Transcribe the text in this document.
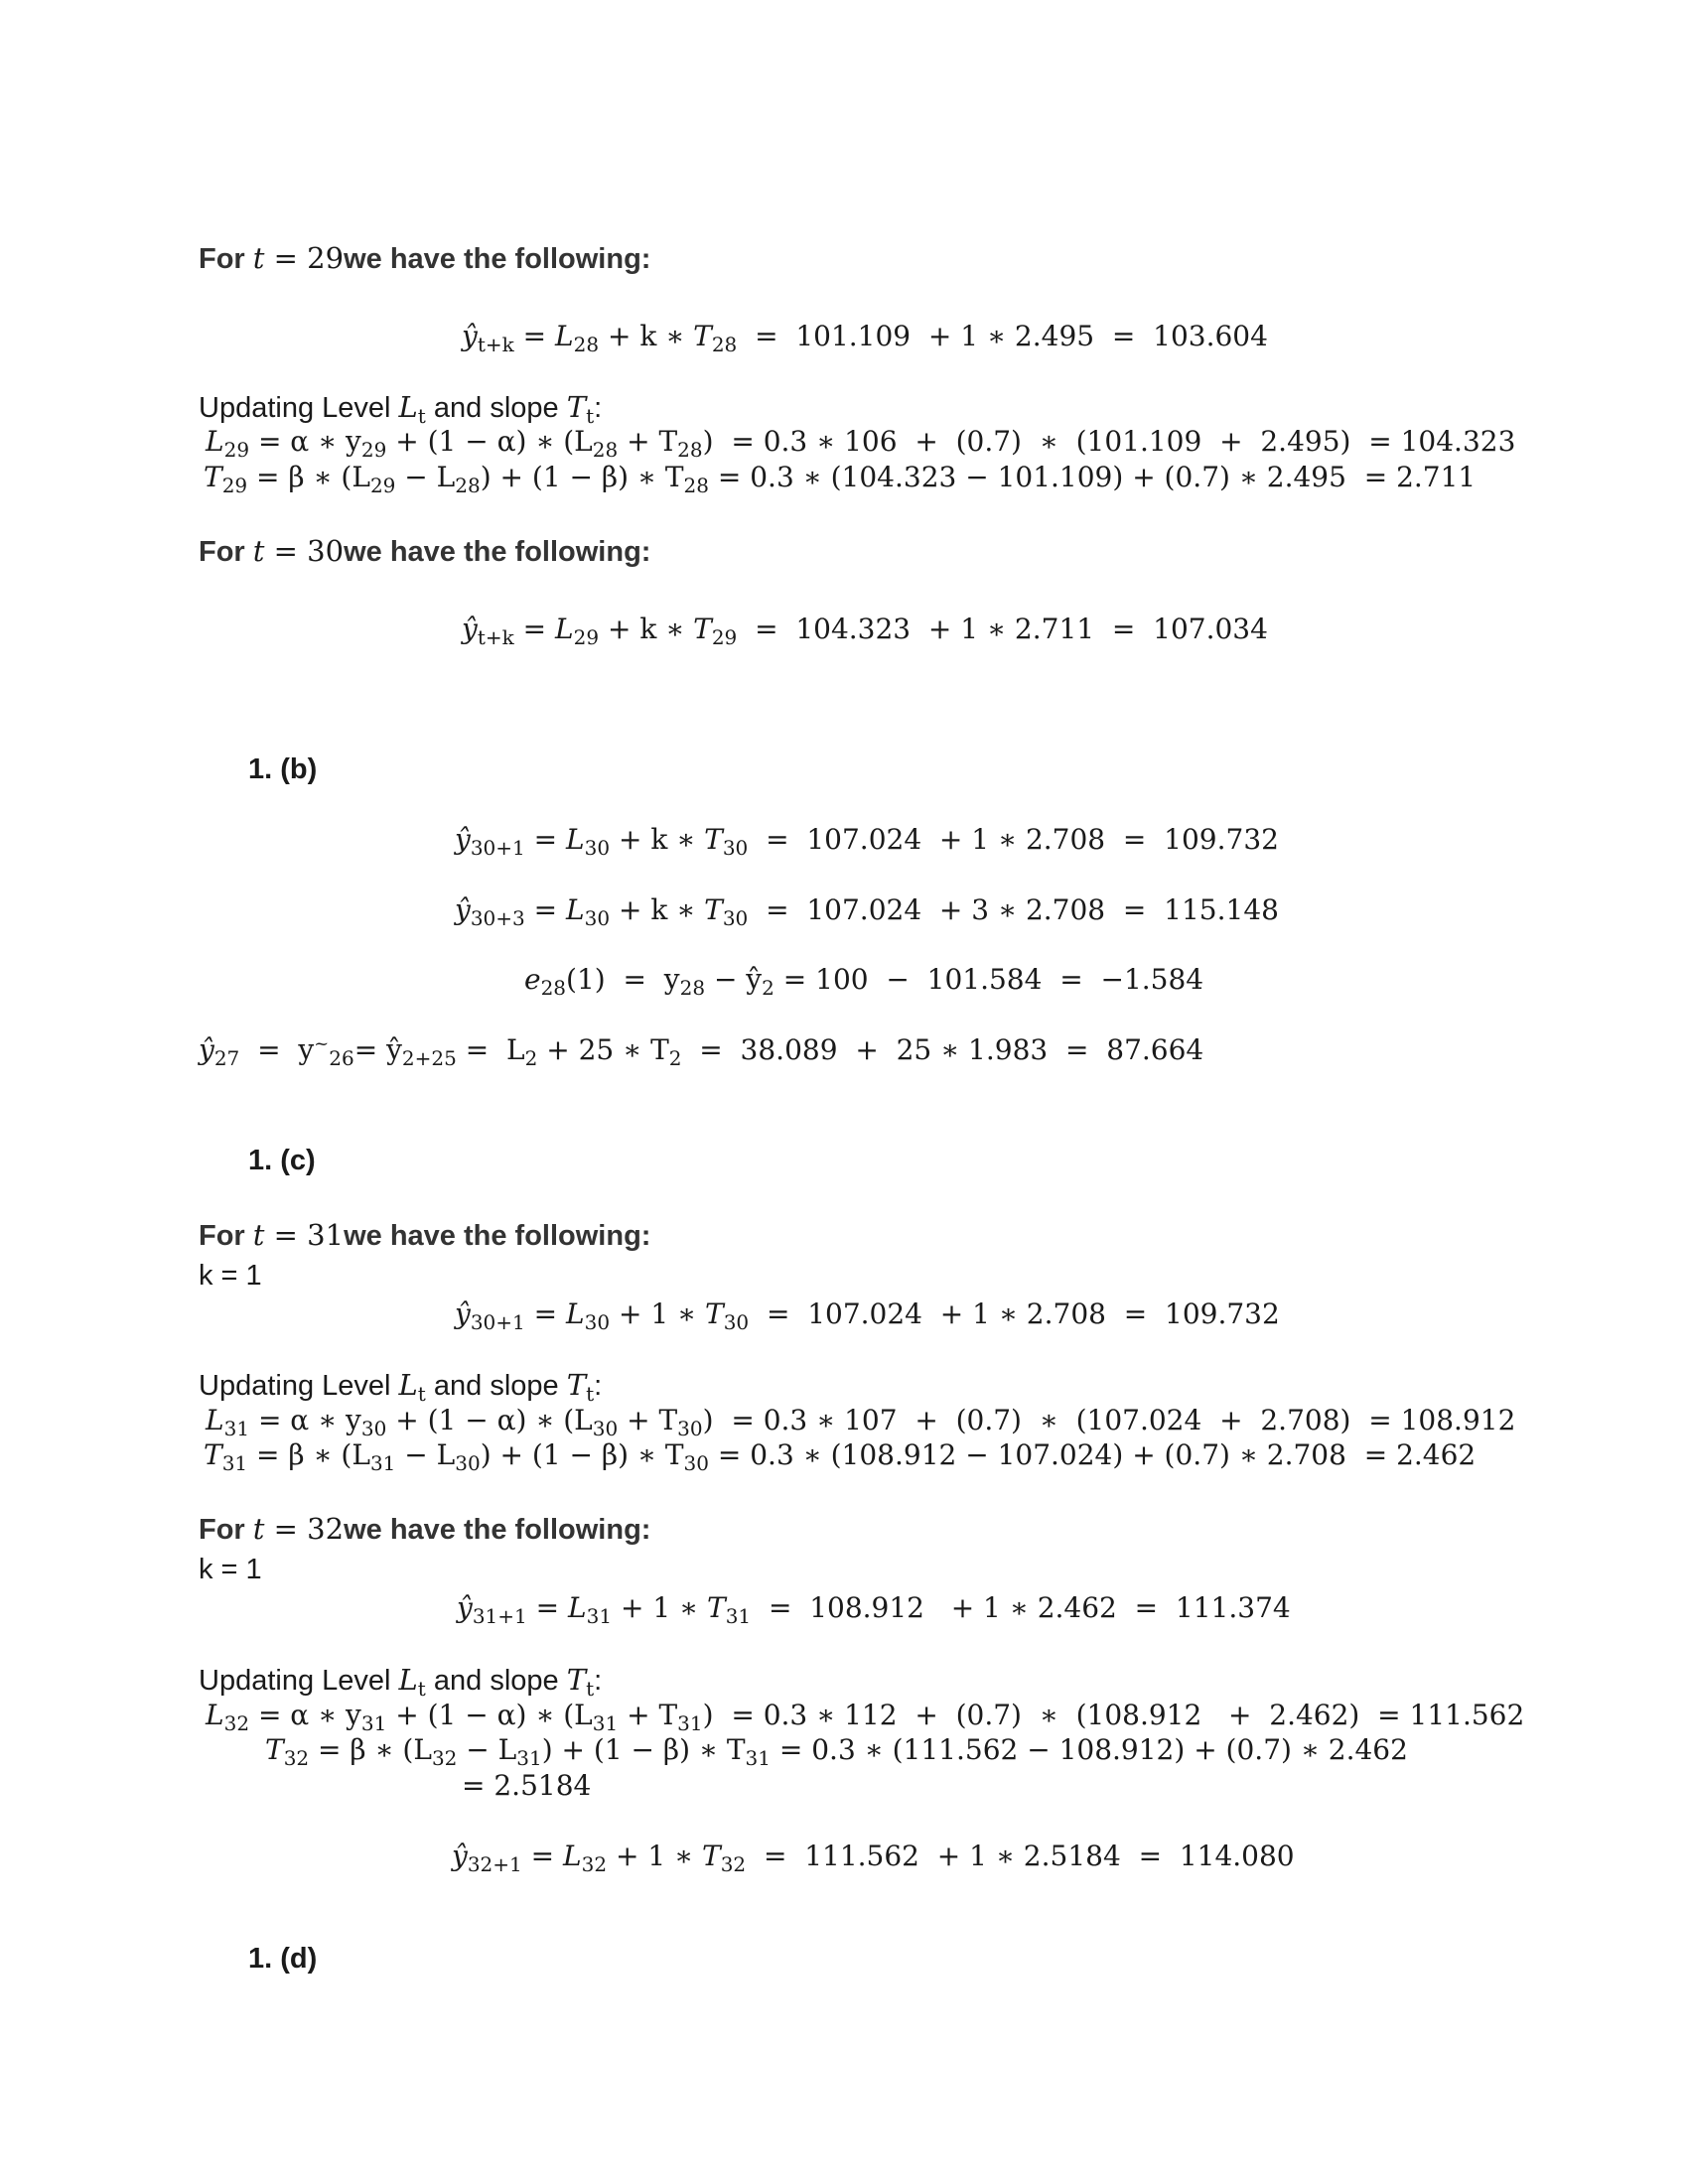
For t = 29we have the following:
$ŷ_{t+k} = L_{28} + k$ ∗ $T_{28} = 101.109 + 1$ ∗ 2.495  =  103.604
Updating Level $L_t$ and slope $T_t$:
$L_{29} = \alpha$ ∗ $y_{29} + (1 - \alpha)$ ∗ $(L_{28} + T_{28}) = 0.3$ ∗ 106  +  (0.7)  ∗  (101.109  +  2.495)  = 104.323
$T_{29} = \beta$ ∗ $(L_{29} - L_{28}) + (1 - \beta)$ ∗ $T_{28} = 0.3$ ∗ (104.323 − 101.109) + (0.7) ∗ 2.495  = 2.711
For t = 30we have the following:
$ŷ_{t+k} = L_{29} + k$ ∗ $T_{29} = 104.323 + 1$ ∗ 2.711  =  107.034
1. (b)
$ŷ_{30+1} = L_{30} + k$ ∗ $T_{30} = 107.024 + 1$ ∗ 2.708  =  109.732
$ŷ_{30+3} = L_{30} + k$ ∗ $T_{30} = 107.024 + 3$ ∗ 2.708  =  115.148
$e_{28}(1) = y_{28}$ − $ŷ_2 = 100 - 101.584 = -1.584$
$ŷ_{27} = y^\sim_{26}=$ $ŷ_{2+25} = L_2 + 25$ ∗ $T_2 = 38.089 + 25$ ∗ 1.983  =  87.664
1. (c)
For t = 31we have the following:
k = 1
$ŷ_{30+1} = L_{30} + 1$ ∗ $T_{30} = 107.024 + 1$ ∗ 2.708  =  109.732
Updating Level $L_t$ and slope $T_t$:
$L_{31} = \alpha$ ∗ $y_{30} + (1 - \alpha)$ ∗ $(L_{30} + T_{30}) = 0.3$ ∗ 107  +  (0.7)  ∗  (107.024  +  2.708)  = 108.912
$T_{31} = \beta$ ∗ $(L_{31} - L_{30}) + (1 - \beta)$ ∗ $T_{30} = 0.3$ ∗ (108.912 − 107.024) + (0.7) ∗ 2.708  = 2.462
For t = 32we have the following:
k = 1
$ŷ_{31+1} = L_{31} + 1$ ∗ $T_{31} = 108.912 + 1$ ∗ 2.462  =  111.374
Updating Level $L_t$ and slope $T_t$:
$L_{32} = \alpha$ ∗ $y_{31} + (1 - \alpha)$ ∗ $(L_{31} + T_{31}) = 0.3$ ∗ 112  +  (0.7)  ∗  (108.912   +  2.462)  = 111.562
$T_{32} = \beta$ ∗ $(L_{32} - L_{31}) + (1 - \beta)$ ∗ $T_{31} = 0.3$ ∗ (111.562 − 108.912) + (0.7) ∗ 2.462
= 2.5184
$ŷ_{32+1} = L_{32} + 1$ ∗ $T_{32} = 111.562 + 1$ ∗ 2.5184  =  114.080
1. (d)
